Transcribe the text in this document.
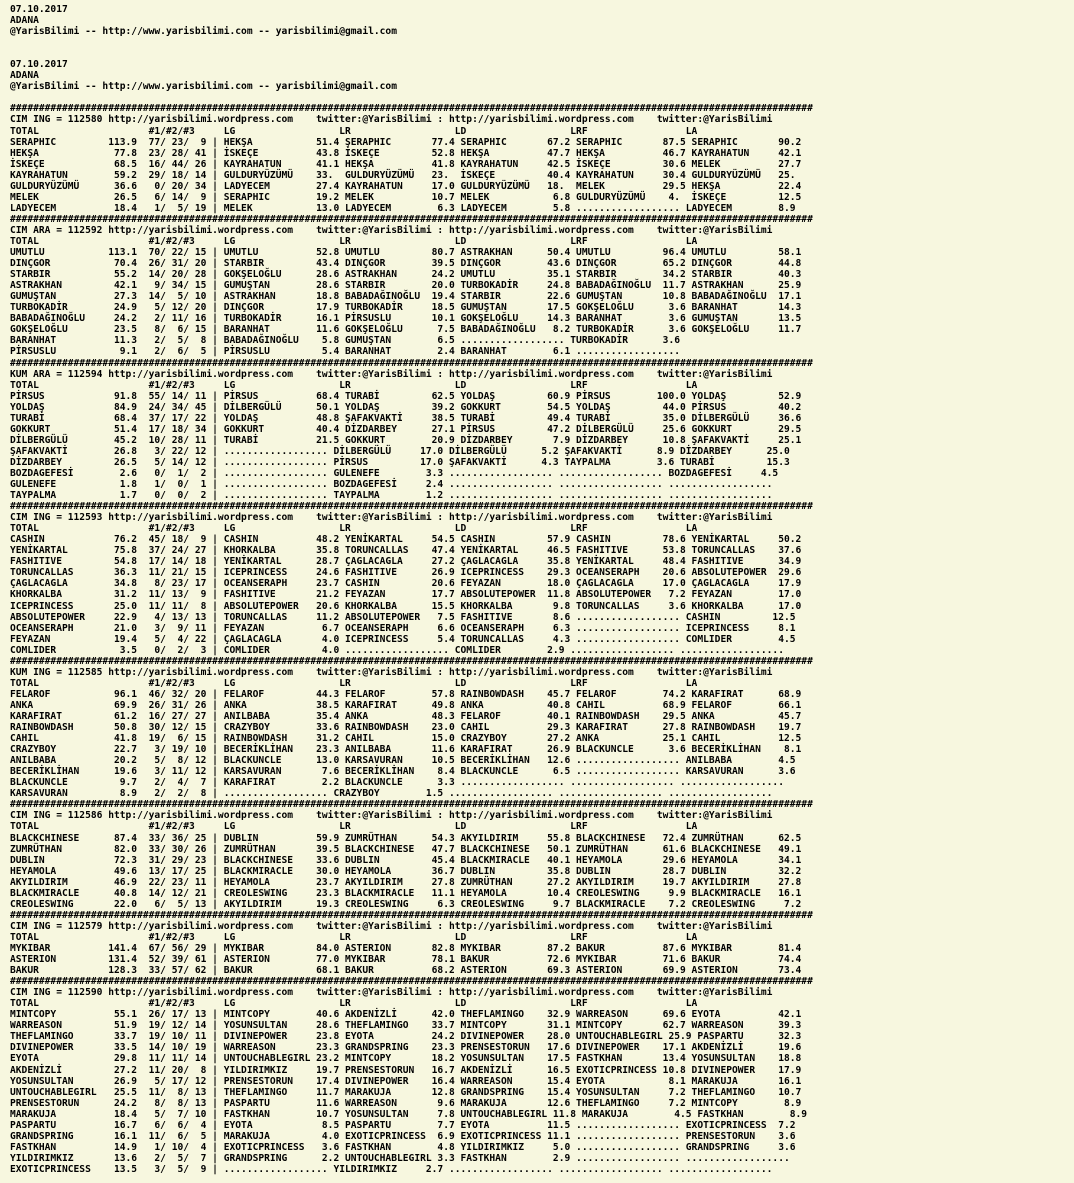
07.10.2017
ADANA
@YarisBilimi -- http://www.yarisbilimi.com -- yarisbilimi@gmail.com

07.10.2017
ADANA
@YarisBilimi -- http://www.yarisbilimi.com -- yarisbilimi@gmail.com

###########################################################################################################################################
CIM ING = 112580 http://yarisbilimi.wordpress.com    twitter:@YarisBilimi : http://yarisbilimi.wordpress.com    twitter:@YarisBilimi
TOTAL                   #1/#2/#3     LG                  LR                  LD                  LRF                 LA
SERAPHIC         113.9  77/ 23/  9 | HEKŞA           51.4 ŞERAPHIC       77.4 SERAPHIC       67.2 SERAPHIC       87.5 SERAPHIC       90.2
HEKŞA             77.8  23/ 28/ 41 | İSKEÇE          43.8 İSKEÇE         52.8 HEKŞA          47.7 HEKŞA          46.7 KAYRAHATUN     42.1
İSKEÇE            68.5  16/ 44/ 26 | KAYRAHATUN      41.1 HEKŞA          41.8 KAYRAHATUN     42.5 İSKEÇE         30.6 MELEK          27.7
KAYRAHATUN        59.2  29/ 18/ 14 | GULDURYÜZÜMÜ    33.  GULDURYÜZÜMÜ   23.  İSKEÇE         40.4 KAYRAHATUN     30.4 GULDURYÜZÜMÜ   25.
GULDURYÜZÜMÜ      36.6   0/ 20/ 34 | LADYECEM        27.4 KAYRAHATUN     17.0 GULDURYÜZÜMÜ   18.  MELEK          29.5 HEKŞA          22.4
MELEK             26.5   6/ 14/  9 | SERAPHIC        19.2 MELEK          10.7 MELEK           6.8 GULDURYÜZÜMÜ    4.  İSKEÇE         12.5
LADYECEM          18.4   1/  5/ 19 | MELEK           13.0 LADYECEM        6.3 LADYECEM        5.8 .................. LADYECEM        8.9
###########################################################################################################################################
CIM ARA = 112592 http://yarisbilimi.wordpress.com    twitter:@YarisBilimi : http://yarisbilimi.wordpress.com    twitter:@YarisBilimi
TOTAL                   #1/#2/#3     LG                  LR                  LD                  LRF                 LA
UMUTLU           113.1  70/ 22/ 15 | UMUTLU          52.8 UMUTLU         80.7 ASTRAKHAN      50.4 UMUTLU         96.4 UMUTLU         58.1
DINÇGOR           70.4  26/ 31/ 20 | STARBIR         43.4 DINÇGOR        39.5 DINÇGOR        43.6 DINÇGOR        65.2 DINÇGOR        44.8
STARBIR           55.2  14/ 20/ 28 | GOKŞELOĞLU      28.6 ASTRAKHAN      24.2 UMUTLU         35.1 STARBIR        34.2 STARBIR        40.3
ASTRAKHAN         42.1   9/ 34/ 15 | GUMUŞTAN        28.6 STARBIR        20.0 TURBOKADİR     24.8 BABADAĞINOĞLU  11.7 ASTRAKHAN      25.9
GUMUŞTAN          27.3  14/  5/ 10 | ASTRAKHAN       18.8 BABADAĞINOĞLU  19.4 STARBIR        22.6 GUMUŞTAN       10.8 BABADAĞINOĞLU  17.1
TURBOKADİR        24.9   5/ 12/ 20 | DINÇGOR         17.9 TURBOKADİR     18.5 GUMUŞTAN       17.5 GOKŞELOĞLU      3.6 BARANHAT       14.3
BABADAĞINOĞLU     24.2   2/ 11/ 16 | TURBOKADİR      16.1 PİRSUSLU       10.1 GOKŞELOĞLU     14.3 BARANHAT        3.6 GUMUŞTAN       13.5
GOKŞELOĞLU        23.5   8/  6/ 15 | BARANHAT        11.6 GOKŞELOĞLU      7.5 BABADAĞINOĞLU   8.2 TURBOKADİR      3.6 GOKŞELOĞLU     11.7
BARANHAT          11.3   2/  5/  8 | BABADAĞINOĞLU    5.8 GUMUŞTAN        6.5 .................. TURBOKADİR      3.6
PİRSUSLU           9.1   2/  6/  5 | PİRSUSLU         5.4 BARANHAT        2.4 BARANHAT        6.1 ..................
###########################################################################################################################################
KUM ARA = 112594 http://yarisbilimi.wordpress.com    twitter:@YarisBilimi : http://yarisbilimi.wordpress.com    twitter:@YarisBilimi
TOTAL                   #1/#2/#3     LG                  LR                  LD                  LRF                 LA
PİRSUS            91.8  55/ 14/ 11 | PİRSUS          68.4 TURABİ         62.5 YOLDAŞ         60.9 PİRSUS        100.0 YOLDAŞ         52.9
YOLDAŞ            84.9  24/ 34/ 45 | DİLBERGÜLÜ      50.1 YOLDAŞ         39.2 GOKKURT        54.5 YOLDAŞ         44.0 PİRSUS         40.2
TURABİ            68.4  37/ 17/ 22 | YOLDAŞ          48.8 ŞAFAKVAKTİ     38.5 TURABİ         49.4 TURABİ         35.0 DİLBERGÜLÜ     36.6
GOKKURT           51.4  17/ 18/ 34 | GOKKURT         40.4 DİZDARBEY      27.1 PİRSUS         47.2 DİLBERGÜLÜ     25.6 GOKKURT        29.5
DİLBERGÜLÜ        45.2  10/ 28/ 11 | TURABİ          21.5 GOKKURT        20.9 DİZDARBEY       7.9 DİZDARBEY      10.8 ŞAFAKVAKTİ     25.1
ŞAFAKVAKTİ        26.8   3/ 22/ 12 | .................. DİLBERGÜLÜ     17.0 DİLBERGÜLÜ      5.2 ŞAFAKVAKTİ      8.9 DİZDARBEY      25.0
DİZDARBEY         26.5   5/ 14/ 12 | .................. PİRSUS         17.0 ŞAFAKVAKTİ      4.3 TAYPALMA        3.6 TURABİ         15.3
BOZDAGEFESİ        2.6   0/  1/  2 | .................. GULENEFE        3.3 .................. .................. BOZDAGEFESİ     4.5
GULENEFE           1.8   1/  0/  1 | .................. BOZDAGEFESİ     2.4 .................. .................. ..................
TAYPALMA           1.7   0/  0/  2 | .................. TAYPALMA        1.2 .................. .................. ..................
###########################################################################################################################################
CIM ING = 112593 http://yarisbilimi.wordpress.com    twitter:@YarisBilimi : http://yarisbilimi.wordpress.com    twitter:@YarisBilimi
TOTAL                   #1/#2/#3     LG                  LR                  LD                  LRF                 LA
CASHIN            76.2  45/ 18/  9 | CASHIN          48.2 YENİKARTAL     54.5 CASHIN         57.9 CASHIN         78.6 YENİKARTAL     50.2
YENİKARTAL        75.8  37/ 24/ 27 | KHORKALBA       35.8 TORUNCALLAS    47.4 YENİKARTAL     46.5 FASHITIVE      53.8 TORUNCALLAS    37.6
FASHITIVE         54.8  17/ 14/ 18 | YENİKARTAL      28.7 ÇAGLACAGLA     27.2 ÇAGLACAGLA     35.8 YENİKARTAL     48.4 FASHITIVE      34.9
TORUNCALLAS       36.3  11/ 21/ 15 | ICEPRINCESS     24.6 FASHITIVE      26.9 ICEPRINCESS    29.3 OCEANSERAPH    20.6 ABSOLUTEPOWER  29.6
ÇAGLACAGLA        34.8   8/ 23/ 17 | OCEANSERAPH     23.7 CASHIN         20.6 FEYAZAN        18.0 ÇAGLACAGLA     17.0 ÇAGLACAGLA     17.9
KHORKALBA         31.2  11/ 13/  9 | FASHITIVE       21.2 FEYAZAN        17.7 ABSOLUTEPOWER  11.8 ABSOLUTEPOWER   7.2 FEYAZAN        17.0
ICEPRINCESS       25.0  11/ 11/  8 | ABSOLUTEPOWER   20.6 KHORKALBA      15.5 KHORKALBA       9.8 TORUNCALLAS     3.6 KHORKALBA      17.0
ABSOLUTEPOWER     22.9   4/ 13/ 13 | TORUNCALLAS     11.2 ABSOLUTEPOWER   7.5 FASHITIVE       8.6 .................. CASHIN         12.5
OCEANSERAPH       21.0   3/  9/ 11 | FEYAZAN          6.7 OCEANSERAPH     6.6 OCEANSERAPH     6.3 .................. ICEPRINCESS     8.1
FEYAZAN           19.4   5/  4/ 22 | ÇAGLACAGLA       4.0 ICEPRINCESS     5.4 TORUNCALLAS     4.3 .................. COMLIDER        4.5
COMLIDER           3.5   0/  2/  3 | COMLIDER         4.0 .................. COMLIDER        2.9 .................. ..................
###########################################################################################################################################
KUM ING = 112585 http://yarisbilimi.wordpress.com    twitter:@YarisBilimi : http://yarisbilimi.wordpress.com    twitter:@YarisBilimi
TOTAL                   #1/#2/#3     LG                  LR                  LD                  LRF                 LA
FELAROF           96.1  46/ 32/ 20 | FELAROF         44.3 FELAROF        57.8 RAINBOWDASH    45.7 FELAROF        74.2 KARAFIRAT      68.9
ANKA              69.9  26/ 31/ 26 | ANKA            38.5 KARAFIRAT      49.8 ANKA           40.8 CAHIL          68.9 FELAROF        66.1
KARAFIRAT         61.2  16/ 27/ 27 | ANILBABA        35.4 ANKA           48.3 FELAROF        40.1 RAINBOWDASH    29.5 ANKA           45.7
RAINBOWDASH       50.8  30/ 12/ 15 | CRAZYBOY        33.6 RAINBOWDASH    23.0 CAHIL          29.3 KARAFIRAT      27.8 RAINBOWDASH    19.7
CAHIL             41.8  19/  6/ 15 | RAINBOWDASH     31.2 CAHIL          15.0 CRAZYBOY       27.2 ANKA           25.1 CAHIL          12.5
CRAZYBOY          22.7   3/ 19/ 10 | BECERİKLİHAN    23.3 ANILBABA       11.6 KARAFIRAT      26.9 BLACKUNCLE      3.6 BECERİKLİHAN    8.1
ANILBABA          20.2   5/  8/ 12 | BLACKUNCLE      13.0 KARSAVURAN     10.5 BECERİKLİHAN   12.6 .................. ANILBABA        4.5
BECERİKLİHAN      19.6   3/ 11/ 12 | KARSAVURAN       7.6 BECERİKLİHAN    8.4 BLACKUNCLE      6.5 .................. KARSAVURAN      3.6
BLACKUNCLE         9.7   2/  4/  7 | KARAFIRAT        2.2 BLACKUNCLE      3.3 .................. .................. ..................
KARSAVURAN         8.9   2/  2/  8 | .................. CRAZYBOY        1.5 .................. .................. ..................
###########################################################################################################################################
CIM ING = 112586 http://yarisbilimi.wordpress.com    twitter:@YarisBilimi : http://yarisbilimi.wordpress.com    twitter:@YarisBilimi
TOTAL                   #1/#2/#3     LG                  LR                  LD                  LRF                 LA
BLACKCHINESE      87.4  33/ 36/ 25 | DUBLIN          59.9 ZUMRÜTHAN      54.3 AKYILDIRIM     55.8 BLACKCHINESE   72.4 ZUMRÜTHAN      62.5
ZUMRÜTHAN         82.0  33/ 30/ 26 | ZUMRÜTHAN       39.5 BLACKCHINESE   47.7 BLACKCHINESE   50.1 ZUMRÜTHAN      61.6 BLACKCHINESE   49.1
DUBLIN            72.3  31/ 29/ 23 | BLACKCHINESE    33.6 DUBLIN         45.4 BLACKMIRACLE   40.1 HEYAMOLA       29.6 HEYAMOLA       34.1
HEYAMOLA          49.6  13/ 17/ 25 | BLACKMIRACLE    30.0 HEYAMOLA       36.7 DUBLIN         35.8 DUBLIN         28.7 DUBLIN         32.2
AKYILDIRIM        46.9  22/ 23/ 11 | HEYAMOLA        23.7 AKYILDIRIM     27.8 ZUMRÜTHAN      27.2 AKYILDIRIM     19.7 AKYILDIRIM     27.8
BLACKMIRACLE      40.8  14/ 12/ 21 | CREOLESWING     23.3 BLACKMIRACLE   11.1 HEYAMOLA       10.4 CREOLESWING     9.9 BLACKMIRACLE   16.1
CREOLESWING       22.0   6/  5/ 13 | AKYILDIRIM      19.3 CREOLESWING     6.3 CREOLESWING     9.7 BLACKMIRACLE    7.2 CREOLESWING     7.2
###########################################################################################################################################
CIM ING = 112579 http://yarisbilimi.wordpress.com    twitter:@YarisBilimi : http://yarisbilimi.wordpress.com    twitter:@YarisBilimi
TOTAL                   #1/#2/#3     LG                  LR                  LD                  LRF                 LA
MYKIBAR          141.4  67/ 56/ 29 | MYKIBAR         84.0 ASTERION       82.8 MYKIBAR        87.2 BAKUR          87.6 MYKIBAR        81.4
ASTERION         131.4  52/ 39/ 61 | ASTERION        77.0 MYKIBAR        78.1 BAKUR          72.6 MYKIBAR        71.6 BAKUR          74.4
BAKUR            128.3  33/ 57/ 62 | BAKUR           68.1 BAKUR          68.2 ASTERION       69.3 ASTERION       69.9 ASTERION       73.4
###########################################################################################################################################
CIM ING = 112590 http://yarisbilimi.wordpress.com    twitter:@YarisBilimi : http://yarisbilimi.wordpress.com    twitter:@YarisBilimi
TOTAL                   #1/#2/#3     LG                  LR                  LD                  LRF                 LA
MINTCOPY          55.1  26/ 17/ 13 | MINTCOPY        40.6 AKDENİZLİ      42.0 THEFLAMINGO    32.9 WARREASON      69.6 EYOTA          42.1
WARREASON         51.9  19/ 12/ 14 | YOSUNSULTAN     28.6 THEFLAMINGO    33.7 MINTCOPY       31.1 MINTCOPY       62.7 WARREASON      39.3
THEFLAMINGO       33.7  19/ 10/ 11 | DIVINEPOWER     23.8 EYOTA          24.2 DIVINEPOWER    28.0 UNTOUCHABLEGIRL 25.9 PASPARTU      32.3
DIVINEPOWER       33.5  14/ 10/ 19 | WARREASON       23.3 GRANDSPRING    23.3 PRENSESTORUN   17.6 DIVINEPOWER    17.1 AKDENİZLİ      19.6
EYOTA             29.8  11/ 11/ 14 | UNTOUCHABLEGIRL 23.2 MINTCOPY       18.2 YOSUNSULTAN    17.5 FASTKHAN       13.4 YOSUNSULTAN    18.8
AKDENİZLİ         27.2  11/ 20/  8 | YILDIRIMKIZ     19.7 PRENSESTORUN   16.7 AKDENİZLİ      16.5 EXOTICPRINCESS 10.8 DIVINEPOWER    17.9
YOSUNSULTAN       26.9   5/ 17/ 12 | PRENSESTORUN    17.4 DIVINEPOWER    16.4 WARREASON      15.4 EYOTA           8.1 MARAKUJA       16.1
UNTOUCHABLEGIRL   25.5  11/  8/ 13 | THEFLAMINGO     11.7 MARAKUJA       12.8 GRANDSPRING    15.4 YOSUNSULTAN     7.2 THEFLAMINGO    10.7
PRENSESTORUN      24.2   8/  8/ 13 | PASPARTU        11.6 WARREASON       9.6 MARAKUJA       12.6 THEFLAMINGO     7.2 MINTCOPY        8.9
MARAKUJA          18.4   5/  7/ 10 | FASTKHAN        10.7 YOSUNSULTAN     7.8 UNTOUCHABLEGIRL 11.8 MARAKUJA        4.5 FASTKHAN        8.9
PASPARTU          16.7   6/  6/  4 | EYOTA            8.5 PASPARTU        7.7 EYOTA          11.5 .................. EXOTICPRINCESS  7.2
GRANDSPRING       16.1  11/  6/  5 | MARAKUJA         4.0 EXOTICPRINCESS  6.9 EXOTICPRINCESS 11.1 .................. PRENSESTORUN    3.6
FASTKHAN          14.9   1/ 10/  4 | EXOTICPRINCESS   3.6 FASTKHAN        4.8 YILDIRIMKIZ     5.0 .................. GRANDSPRING     3.6
YILDIRIMKIZ       13.6   2/  5/  7 | GRANDSPRING      2.2 UNTOUCHABLEGIRL 3.3 FASTKHAN        2.9 .................. ..................
EXOTICPRINCESS    13.5   3/  5/  9 | .................. YILDIRIMKIZ     2.7 .................. .................. ..................
